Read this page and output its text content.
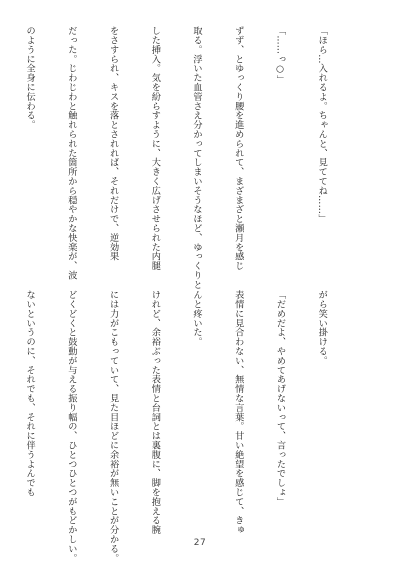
「ほら…入れるよ。ちゃんと、見ててね……」

「……っ○」

ずず、とゆっくり腰を進められて、まざまざと瀬月を感じ

取る。浮いた血管さえ分かってしまいそうなほど、ゆっくりと

した挿入。気を紛らすように、大きく広げさせられた内腿

をさすられ、キスを落とされれば、それだけで、逆効果

だった。じわじわと触れられた箇所から穏やかな快楽が、波

のように全身に伝わる。

がら笑い掛ける。

「だめだよ、やめてあげないって、言ったでしょ」

表情に見合わない、無情な言葉。甘い絶望を感じて、きゅ

んと疼いた。

けれど、余裕ぶった表情と台詞とは裏腹に、脚を抱える腕

には力がこもっていて、見た目ほどに余裕が無いことが分かる。

どくどくと鼓動が与える振り幅の、ひとつひとつがもどかしい。

ないというのに、それでも、それに伴うよんでも

27
